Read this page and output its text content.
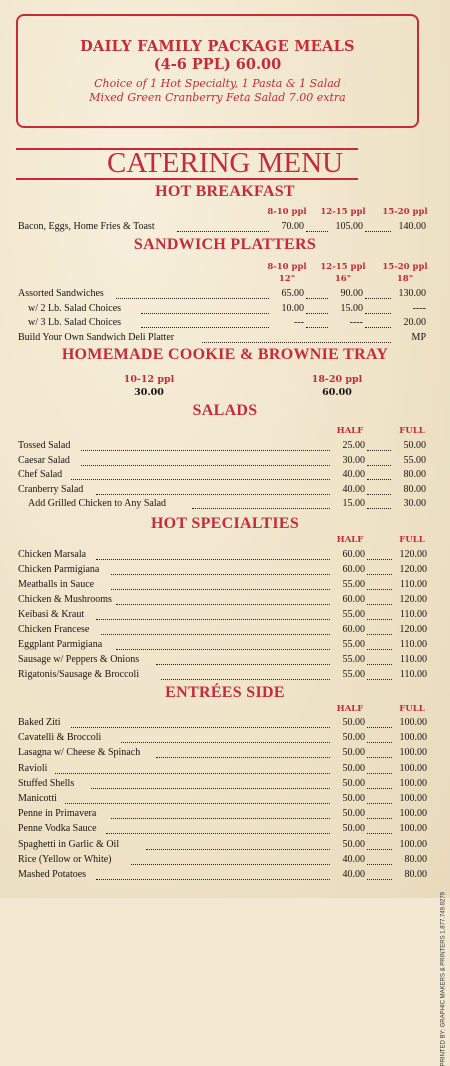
DAILY FAMILY PACKAGE MEALS
(4-6 PPL) 60.00
Choice of 1 Hot Specialty, 1 Pasta & 1 Salad
Mixed Green Cranberry Feta Salad 7.00 extra
CATERING MENU
HOT BREAKFAST
8-10 ppl	12-15 ppl 15-20 ppl
Bacon, Eggs, Home Fries & Toast	70.00	105.00	140.00
SANDWICH PLATTERS
8-10 ppl	12-15 ppl 15-20 ppl
12"	16"	18"
Assorted Sandwiches	65.00	90.00	130.00
w/ 2 Lb. Salad Choices	10.00	15.00	----
w/ 3 Lb. Salad Choices	---	----	20.00
Build Your Own Sandwich Deli Platter	MP
HOMEMADE COOKIE & BROWNIE TRAY
10-12 ppl
30.00
18-20 ppl
60.00
SALADS
HALF	FULL
Tossed Salad	25.00	50.00
Caesar Salad	30.00	55.00
Chef Salad	40.00	80.00
Cranberry Salad	40.00	80.00
Add Grilled Chicken to Any Salad	15.00	30.00
HOT SPECIALTIES
HALF	FULL
Chicken Marsala	60.00	120.00
Chicken Parmigiana	60.00	120.00
Meatballs in Sauce	55.00	110.00
Chicken & Mushrooms	60.00	120.00
Keibasi & Kraut	55.00	110.00
Chicken Francese	60.00	120.00
Eggplant Parmigiana	55.00	110.00
Sausage w/ Peppers & Onions	55.00	110.00
Rigatonis/Sausage & Broccoli	55.00	110.00
ENTRÉES SIDE
HALF	FULL
Baked Ziti	50.00	100.00
Cavatelli & Broccoli	50.00	100.00
Lasagna w/ Cheese & Spinach	50.00	100.00
Ravioli	50.00	100.00
Stuffed Shells	50.00	100.00
Manicotti	50.00	100.00
Penne in Primavera	50.00	100.00
Penne Vodka Sauce	50.00	100.00
Spaghetti in Garlic & Oil	50.00	100.00
Rice (Yellow or White)	40.00	80.00
Mashed Potatoes	40.00	80.00
PRINTED BY: GRAPHIC MAKERS & PRINTERS 1.877.749.9279
